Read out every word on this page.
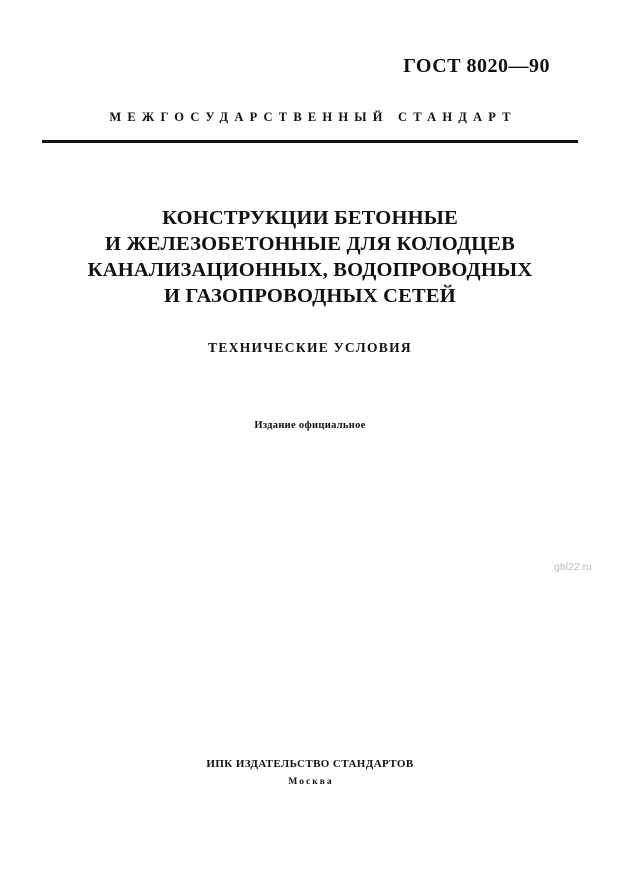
ГОСТ 8020—90
МЕЖГОСУДАРСТВЕННЫЙ СТАНДАРТ
КОНСТРУКЦИИ БЕТОННЫЕ
И ЖЕЛЕЗОБЕТОННЫЕ ДЛЯ КОЛОДЦЕВ
КАНАЛИЗАЦИОННЫХ, ВОДОПРОВОДНЫХ
И ГАЗОПРОВОДНЫХ СЕТЕЙ
ТЕХНИЧЕСКИЕ УСЛОВИЯ
Издание официальное
gbl22.ru
ИПК ИЗДАТЕЛЬСТВО СТАНДАРТОВ
Москва
